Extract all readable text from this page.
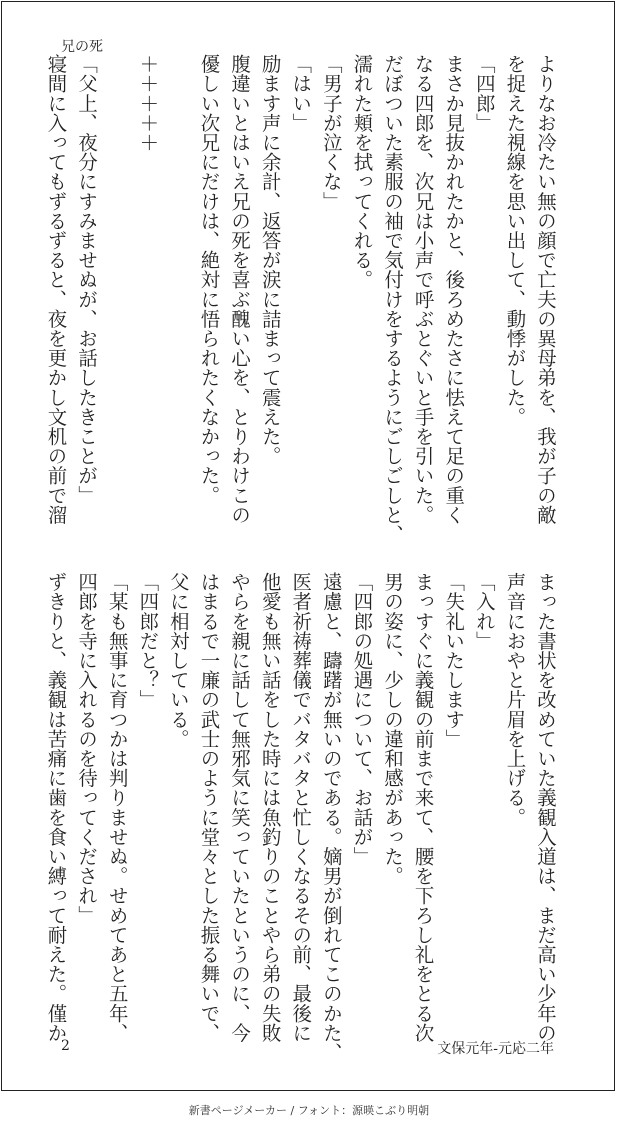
兄の死

よりなお冷たい無の顔で亡夫の異母弟を、我が子の敵

を捉えた視線を思い出して、動悸がした。

「四郎」

まさか見抜かれたかと、後ろめたさに怯えて足の重く

なる四郎を、次兄は小声で呼ぶとぐいと手を引いた。

だぼついた素服の袖で気付けをするようにごしごしと、

濡れた頬を拭ってくれる。

「男子が泣くな」

「はい」

励ます声に余計、返答が涙に詰まって震えた。

腹違いとはいえ兄の死を喜ぶ醜い心を、とりわけこの

優しい次兄にだけは、絶対に悟られたくなかった。

＋＋＋＋＋

「父上、夜分にすみませぬが、お話したきことが」

寝間に入ってもずるずると、夜を更かし文机の前で溜

まった書状を改めていた義観入道は、まだ高い少年の

声音におやと片眉を上げる。

「入れ」

「失礼いたします」

まっすぐに義観の前まで来て、腰を下ろし礼をとる次

男の姿に、少しの違和感があった。

「四郎の処遇について、お話が」

遠慮と、躊躇が無いのである。嫡男が倒れてこのかた、

医者祈祷葬儀でバタバタと忙しくなるその前、最後に

他愛も無い話をした時には魚釣りのことやら弟の失敗

やらを親に話して無邪気に笑っていたというのに、今

はまるで一廉の武士のように堂々とした振る舞いで、

父に相対している。

「四郎だと？」

「某も無事に育つかは判りませぬ。せめてあと五年、

四郎を寺に入れるのを待ってくだされ」

ずきりと、義観は苦痛に歯を食い縛って耐えた。僅か

2	文保元年-元応二年
新書ページメーカー / フォント：源暎こぶり明朝
